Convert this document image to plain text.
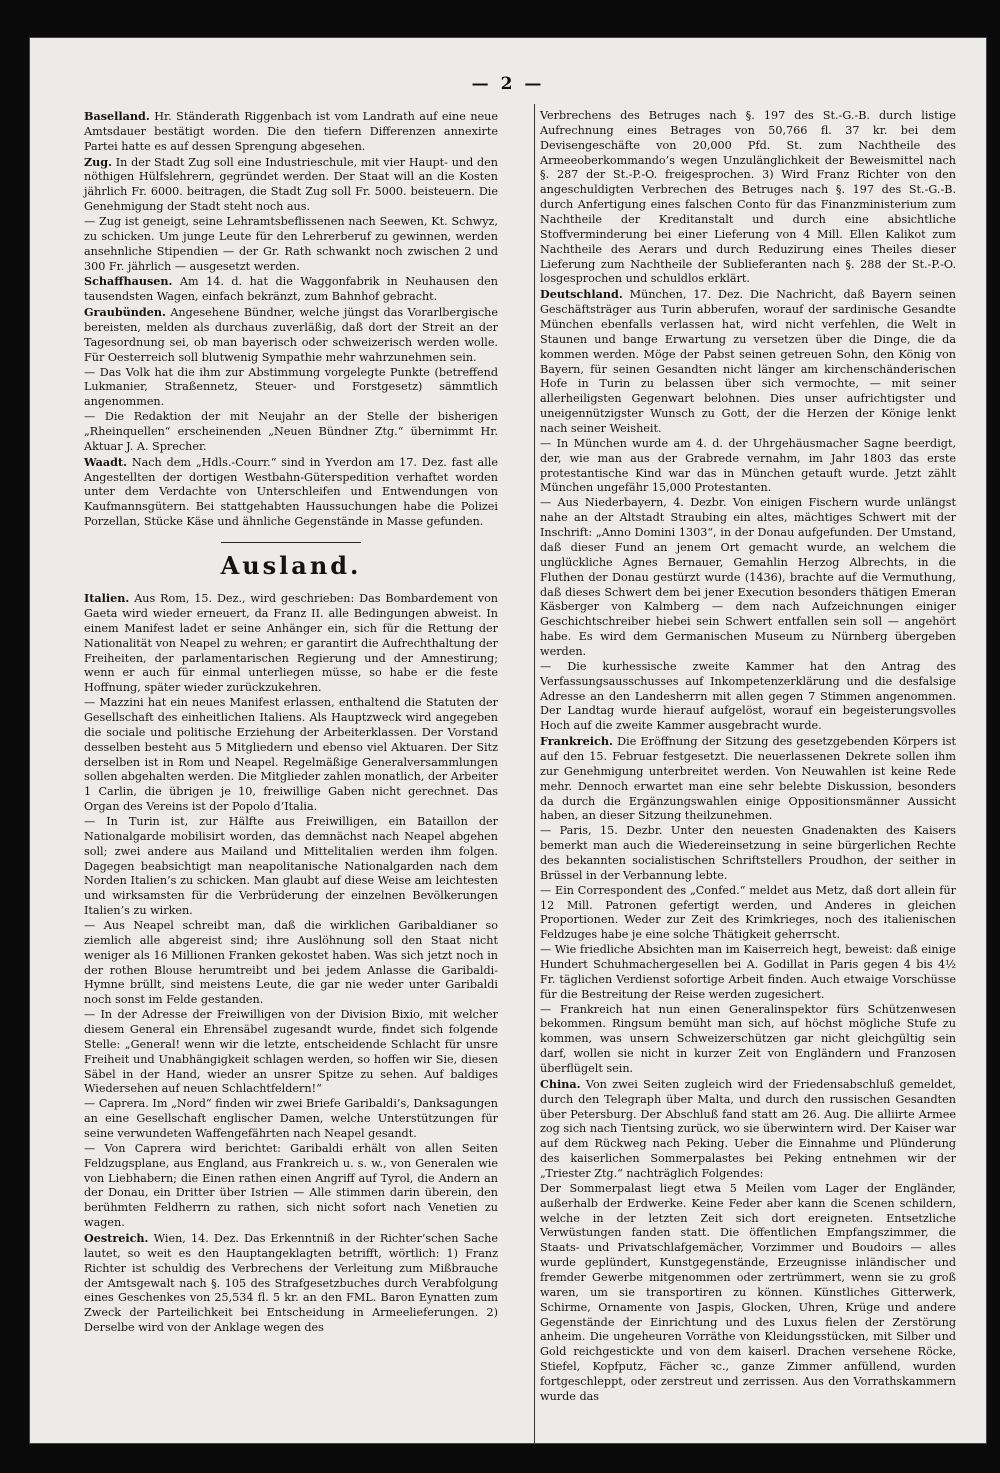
— 2 —

Baselland. Hr. Ständerath Riggenbach ist vom Landrath auf eine neue Amtsdauer bestätigt worden. Die den tiefern Differenzen annexirte Partei hatte es auf dessen Sprengung abgesehen.

Zug. In der Stadt Zug soll eine Industrieschule, mit vier Haupt- und den nöthigen Hülfslehrern, gegründet werden. Der Staat will an die Kosten jährlich Fr. 6000. beitragen, die Stadt Zug soll Fr. 5000. beisteuern. Die Genehmigung der Stadt steht noch aus.

— Zug ist geneigt, seine Lehramtsbeflissenen nach Seewen, Kt. Schwyz, zu schicken. Um junge Leute für den Lehrerberuf zu gewinnen, werden ansehnliche Stipendien — der Gr. Rath schwankt noch zwischen 2 und 300 Fr. jährlich — ausgesetzt werden.

Schaffhausen. Am 14. d. hat die Waggonfabrik in Neuhausen den tausendsten Wagen, einfach bekränzt, zum Bahnhof gebracht.

Graubünden. Angesehene Bündner, welche jüngst das Vorarlbergische bereisten, melden als durchaus zuverläßig, daß dort der Streit an der Tagesordnung sei, ob man bayerisch oder schweizerisch werden wolle. Für Oesterreich soll blutwenig Sympathie mehr wahrzunehmen sein.

— Das Volk hat die ihm zur Abstimmung vorgelegte Punkte (betreffend Lukmanier, Straßennetz, Steuer- und Forstgesetz) sämmtlich angenommen.

— Die Redaktion der mit Neujahr an der Stelle der bisherigen „Rheinquellen“ erscheinenden „Neuen Bündner Ztg.“ übernimmt Hr. Aktuar J. A. Sprecher.

Waadt. Nach dem „Hdls.-Courr.“ sind in Yverdon am 17. Dez. fast alle Angestellten der dortigen Westbahn-Güterspedition verhaftet worden unter dem Verdachte von Unterschleifen und Entwendungen von Kaufmannsgütern. Bei stattgehabten Haussuchungen habe die Polizei Porzellan, Stücke Käse und ähnliche Gegenstände in Masse gefunden.

Ausland.

Italien. Aus Rom, 15. Dez., wird geschrieben: Das Bombardement von Gaeta wird wieder erneuert, da Franz II. alle Bedingungen abweist. In einem Manifest ladet er seine Anhänger ein, sich für die Rettung der Nationalität von Neapel zu wehren; er garantirt die Aufrechthaltung der Freiheiten, der parlamentarischen Regierung und der Amnestirung; wenn er auch für einmal unterliegen müsse, so habe er die feste Hoffnung, später wieder zurückzukehren.

— Mazzini hat ein neues Manifest erlassen, enthaltend die Statuten der Gesellschaft des einheitlichen Italiens. Als Hauptzweck wird angegeben die sociale und politische Erziehung der Arbeiterklassen. Der Vorstand desselben besteht aus 5 Mitgliedern und ebenso viel Aktuaren. Der Sitz derselben ist in Rom und Neapel. Regelmäßige Generalversammlungen sollen abgehalten werden. Die Mitglieder zahlen monatlich, der Arbeiter 1 Carlin, die übrigen je 10, freiwillige Gaben nicht gerechnet. Das Organ des Vereins ist der Popolo d’Italia.

— In Turin ist, zur Hälfte aus Freiwilligen, ein Bataillon der Nationalgarde mobilisirt worden, das demnächst nach Neapel abgehen soll; zwei andere aus Mailand und Mittelitalien werden ihm folgen. Dagegen beabsichtigt man neapolitanische Nationalgarden nach dem Norden Italien’s zu schicken. Man glaubt auf diese Weise am leichtesten und wirksamsten für die Verbrüderung der einzelnen Bevölkerungen Italien’s zu wirken.

— Aus Neapel schreibt man, daß die wirklichen Garibaldianer so ziemlich alle abgereist sind; ihre Auslöhnung soll den Staat nicht weniger als 16 Millionen Franken gekostet haben. Was sich jetzt noch in der rothen Blouse herumtreibt und bei jedem Anlasse die Garibaldi-Hymne brüllt, sind meistens Leute, die gar nie weder unter Garibaldi noch sonst im Felde gestanden.

— In der Adresse der Freiwilligen von der Division Bixio, mit welcher diesem General ein Ehrensäbel zugesandt wurde, findet sich folgende Stelle: „General! wenn wir die letzte, entscheidende Schlacht für unsre Freiheit und Unabhängigkeit schlagen werden, so hoffen wir Sie, diesen Säbel in der Hand, wieder an unsrer Spitze zu sehen. Auf baldiges Wiedersehen auf neuen Schlachtfeldern!“

— Caprera. Im „Nord“ finden wir zwei Briefe Garibaldi’s, Danksagungen an eine Gesellschaft englischer Damen, welche Unterstützungen für seine verwundeten Waffengefährten nach Neapel gesandt.

— Von Caprera wird berichtet: Garibaldi erhält von allen Seiten Feldzugsplane, aus England, aus Frankreich u. s. w., von Generalen wie von Liebhabern; die Einen rathen einen Angriff auf Tyrol, die Andern an der Donau, ein Dritter über Istrien — Alle stimmen darin überein, den berühmten Feldherrn zu rathen, sich nicht sofort nach Venetien zu wagen.

Oestreich. Wien, 14. Dez. Das Erkenntniß in der Richter’schen Sache lautet, so weit es den Hauptangeklagten betrifft, wörtlich: 1) Franz Richter ist schuldig des Verbrechens der Verleitung zum Mißbrauche der Amtsgewalt nach §. 105 des Strafgesetzbuches durch Verabfolgung eines Geschenkes von 25,534 fl. 5 kr. an den FML. Baron Eynatten zum Zweck der Parteilichkeit bei Entscheidung in Armeelieferungen. 2) Derselbe wird von der Anklage wegen des

Verbrechens des Betruges nach §. 197 des St.-G.-B. durch listige Aufrechnung eines Betrages von 50,766 fl. 37 kr. bei dem Devisengeschäfte von 20,000 Pfd. St. zum Nachtheile des Armeeoberkommando’s wegen Unzulänglichkeit der Beweismittel nach §. 287 der St.-P.-O. freigesprochen. 3) Wird Franz Richter von den angeschuldigten Verbrechen des Betruges nach §. 197 des St.-G.-B. durch Anfertigung eines falschen Conto für das Finanzministerium zum Nachtheile der Kreditanstalt und durch eine absichtliche Stoffverminderung bei einer Lieferung von 4 Mill. Ellen Kalikot zum Nachtheile des Aerars und durch Reduzirung eines Theiles dieser Lieferung zum Nachtheile der Sublieferanten nach §. 288 der St.-P.-O. losgesprochen und schuldlos erklärt.

Deutschland. München, 17. Dez. Die Nachricht, daß Bayern seinen Geschäftsträger aus Turin abberufen, worauf der sardinische Gesandte München ebenfalls verlassen hat, wird nicht verfehlen, die Welt in Staunen und bange Erwartung zu versetzen über die Dinge, die da kommen werden. Möge der Pabst seinen getreuen Sohn, den König von Bayern, für seinen Gesandten nicht länger am kirchenschänderischen Hofe in Turin zu belassen über sich vermochte, — mit seiner allerheiligsten Gegenwart belohnen. Dies unser aufrichtigster und uneigennützigster Wunsch zu Gott, der die Herzen der Könige lenkt nach seiner Weisheit.

— In München wurde am 4. d. der Uhrgehäusmacher Sagne beerdigt, der, wie man aus der Grabrede vernahm, im Jahr 1803 das erste protestantische Kind war das in München getauft wurde. Jetzt zählt München ungefähr 15,000 Protestanten.

— Aus Niederbayern, 4. Dezbr. Von einigen Fischern wurde unlängst nahe an der Altstadt Straubing ein altes, mächtiges Schwert mit der Inschrift: „Anno Domini 1303“, in der Donau aufgefunden. Der Umstand, daß dieser Fund an jenem Ort gemacht wurde, an welchem die unglückliche Agnes Bernauer, Gemahlin Herzog Albrechts, in die Fluthen der Donau gestürzt wurde (1436), brachte auf die Vermuthung, daß dieses Schwert dem bei jener Execution besonders thätigen Emeran Käsberger von Kalmberg — dem nach Aufzeichnungen einiger Geschichtschreiber hiebei sein Schwert entfallen sein soll — angehört habe. Es wird dem Germanischen Museum zu Nürnberg übergeben werden.

— Die kurhessische zweite Kammer hat den Antrag des Verfassungsausschusses auf Inkompetenzerklärung und die desfalsige Adresse an den Landesherrn mit allen gegen 7 Stimmen angenommen. Der Landtag wurde hierauf aufgelöst, worauf ein begeisterungsvolles Hoch auf die zweite Kammer ausgebracht wurde.

Frankreich. Die Eröffnung der Sitzung des gesetzgebenden Körpers ist auf den 15. Februar festgesetzt. Die neuerlassenen Dekrete sollen ihm zur Genehmigung unterbreitet werden. Von Neuwahlen ist keine Rede mehr. Dennoch erwartet man eine sehr belebte Diskussion, besonders da durch die Ergänzungswahlen einige Oppositionsmänner Aussicht haben, an dieser Sitzung theilzunehmen.

— Paris, 15. Dezbr. Unter den neuesten Gnadenakten des Kaisers bemerkt man auch die Wiedereinsetzung in seine bürgerlichen Rechte des bekannten socialistischen Schriftstellers Proudhon, der seither in Brüssel in der Verbannung lebte.

— Ein Correspondent des „Confed.“ meldet aus Metz, daß dort allein für 12 Mill. Patronen gefertigt werden, und Anderes in gleichen Proportionen. Weder zur Zeit des Krimkrieges, noch des italienischen Feldzuges habe je eine solche Thätigkeit geherrscht.

— Wie friedliche Absichten man im Kaiserreich hegt, beweist: daß einige Hundert Schuhmachergesellen bei A. Godillat in Paris gegen 4 bis 4½ Fr. täglichen Verdienst sofortige Arbeit finden. Auch etwaige Vorschüsse für die Bestreitung der Reise werden zugesichert.

— Frankreich hat nun einen Generalinspektor fürs Schützenwesen bekommen. Ringsum bemüht man sich, auf höchst mögliche Stufe zu kommen, was unsern Schweizerschützen gar nicht gleichgültig sein darf, wollen sie nicht in kurzer Zeit von Engländern und Franzosen überflügelt sein.

China. Von zwei Seiten zugleich wird der Friedensabschluß gemeldet, durch den Telegraph über Malta, und durch den russischen Gesandten über Petersburg. Der Abschluß fand statt am 26. Aug. Die alliirte Armee zog sich nach Tientsing zurück, wo sie überwintern wird. Der Kaiser war auf dem Rückweg nach Peking. Ueber die Einnahme und Plünderung des kaiserlichen Sommerpalastes bei Peking entnehmen wir der „Triester Ztg.“ nachträglich Folgendes:

Der Sommerpalast liegt etwa 5 Meilen vom Lager der Engländer, außerhalb der Erdwerke. Keine Feder aber kann die Scenen schildern, welche in der letzten Zeit sich dort ereigneten. Entsetzliche Verwüstungen fanden statt. Die öffentlichen Empfangszimmer, die Staats- und Privatschlafgemächer, Vorzimmer und Boudoirs — alles wurde geplündert, Kunstgegenstände, Erzeugnisse inländischer und fremder Gewerbe mitgenommen oder zertrümmert, wenn sie zu groß waren, um sie transportiren zu können. Künstliches Gitterwerk, Schirme, Ornamente von Jaspis, Glocken, Uhren, Krüge und andere Gegenstände der Einrichtung und des Luxus fielen der Zerstörung anheim. Die ungeheuren Vorräthe von Kleidungsstücken, mit Silber und Gold reichgestickte und von dem kaiserl. Drachen versehene Röcke, Stiefel, Kopfputz, Fächer ꝛc., ganze Zimmer anfüllend, wurden fortgeschleppt, oder zerstreut und zerrissen. Aus den Vorrathskammern wurde das
